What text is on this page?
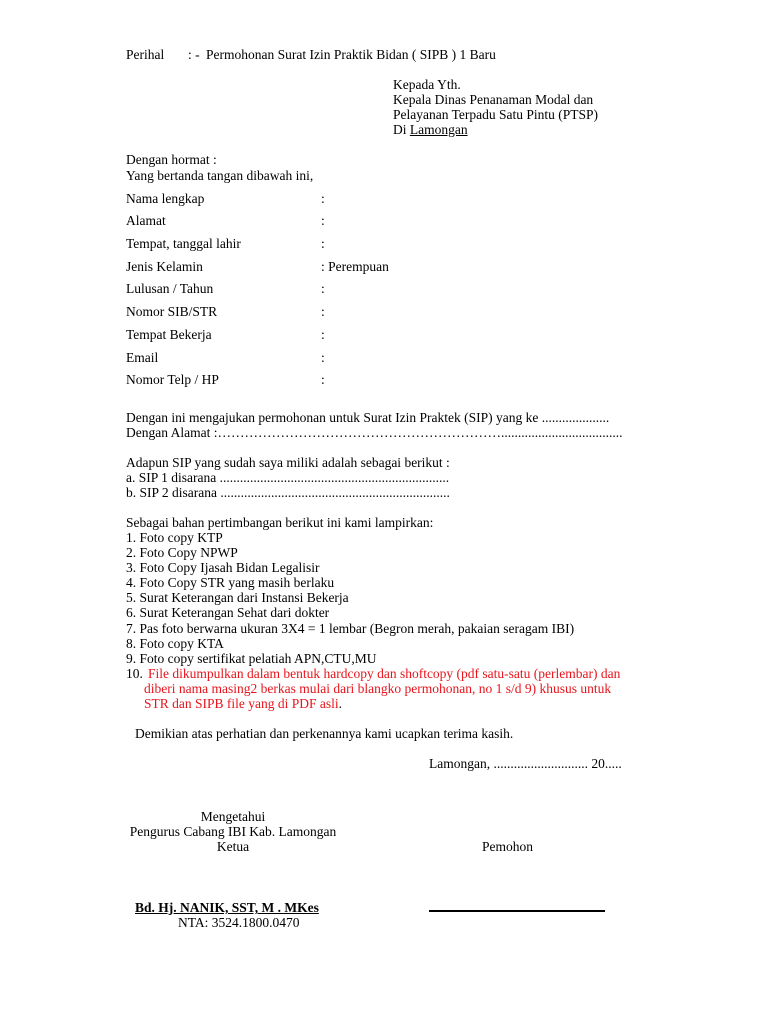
Perihal : - Permohonan Surat Izin Praktik Bidan ( SIPB ) 1 Baru
Kepada Yth.
Kepala Dinas Penanaman Modal dan
Pelayanan Terpadu Satu Pintu (PTSP)
Di Lamongan
Dengan hormat :
Yang bertanda tangan dibawah ini,
Nama lengkap	:
Alamat	:
Tempat, tanggal lahir	:
Jenis Kelamin	: Perempuan
Lulusan / Tahun	:
Nomor SIB/STR	:
Tempat Bekerja	:
Email	:
Nomor Telp / HP	:
Dengan ini mengajukan permohonan untuk Surat Izin Praktek (SIP) yang ke ....................
Dengan Alamat :………………………………………………………....................................
Adapun SIP yang sudah saya miliki adalah sebagai berikut :
a. SIP 1 disarana ....................................................................
b. SIP 2 disarana ....................................................................
Sebagai bahan pertimbangan berikut ini kami lampirkan:
1. Foto copy KTP
2. Foto Copy NPWP
3. Foto Copy Ijasah Bidan Legalisir
4. Foto Copy STR yang masih berlaku
5. Surat Keterangan dari Instansi Bekerja
6. Surat Keterangan Sehat dari dokter
7. Pas foto berwarna ukuran 3X4 = 1 lembar (Begron merah, pakaian seragam IBI)
8. Foto copy KTA
9. Foto copy sertifikat pelatiah APN,CTU,MU
10. File dikumpulkan dalam bentuk hardcopy dan shoftcopy (pdf satu-satu (perlembar) dan
diberi nama masing2 berkas mulai dari blangko permohonan, no 1 s/d 9) khusus untuk
STR dan SIPB file yang di PDF asli.
Demikian atas perhatian dan perkenannya kami ucapkan terima kasih.
Lamongan, ............................ 20.....
Mengetahui
Pengurus Cabang IBI Kab. Lamongan
Ketua
Bd. Hj. NANIK, SST, M . MKes
NTA: 3524.1800.0470
Pemohon
